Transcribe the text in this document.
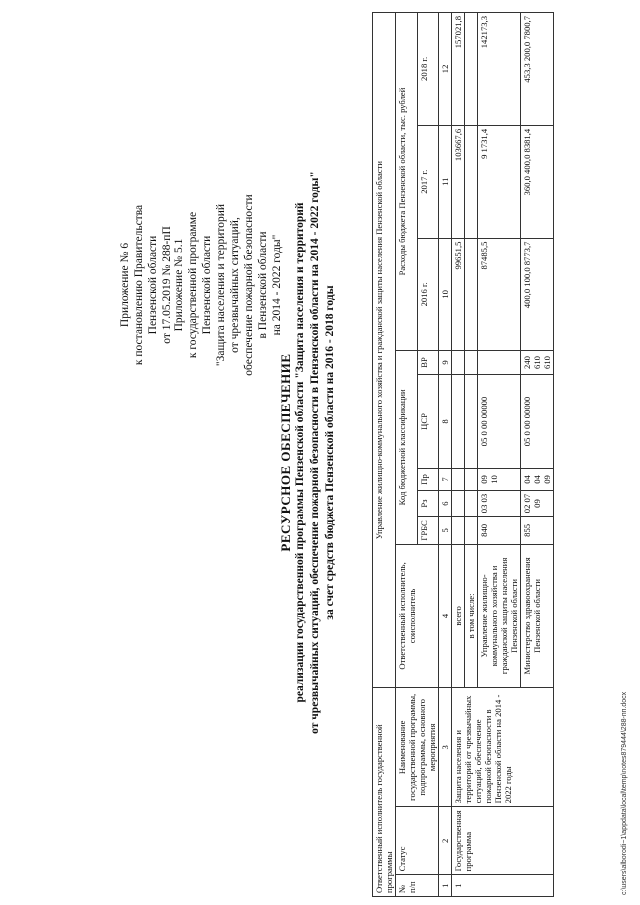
Приложение № 6 к постановлению Правительства Пензенской области от 17.05.2019 № 288-пП Приложение № 5.1 к государственной программе Пензенской области "Защита населения и территорий от чрезвычайных ситуаций, обеспечение пожарной безопасности в Пензенской области на 2014 - 2022 годы"
РЕСУРСНОЕ ОБЕСПЕЧЕНИЕ реализации государственной программы Пензенской области "Защита населения и территорий от чрезвычайных ситуаций, обеспечение пожарной безопасности в Пензенской области на 2014 - 2022 годы" за счет средств бюджета Пензенской области на 2016 - 2018 годы
Ответственный исполнитель государственной программы			Управление жилищно-коммунального хозяйства и гражданской защиты населения Пензенской области								
№ п/п	Статус	Наименование государственной программы, подпрограммы, основного мероприятия	Ответственный исполнитель, соисполнитель	Код бюджетной классификации					Расходы бюджета Пензенской области, тыс. рублей		
				ГРБС	Рз	Пр	ЦСР	ВР	2016 г.	2017 г.	2018 г.
1	2	3	4	5	6	7	8	9	10	11	12
1	Государственная программа	Защита населения и территорий от чрезвычайных ситуаций, обеспечение пожарной безопасности в Пензенской области на 2014 - 2022 годы	всего						99651,5	103667,6	157021,8
			в том числе:								
			Управление жилищно-коммунального хозяйства и гражданской защиты населения Пензенской области	840	03 03	09 10	05 0 00 00000		87485,5	9 1731,4	142173,3
			Министерство здравоохранения Пензенской области	855	02 07 09	04 04 09	05 0 00 00000	240 610 610	400,0 100,0 8773,7	360,0 400,0 8381,4	453,3 200,0 7800,7
c:\users\alborodi~1\appdata\local\temp\notes879444\288-пп.docx
